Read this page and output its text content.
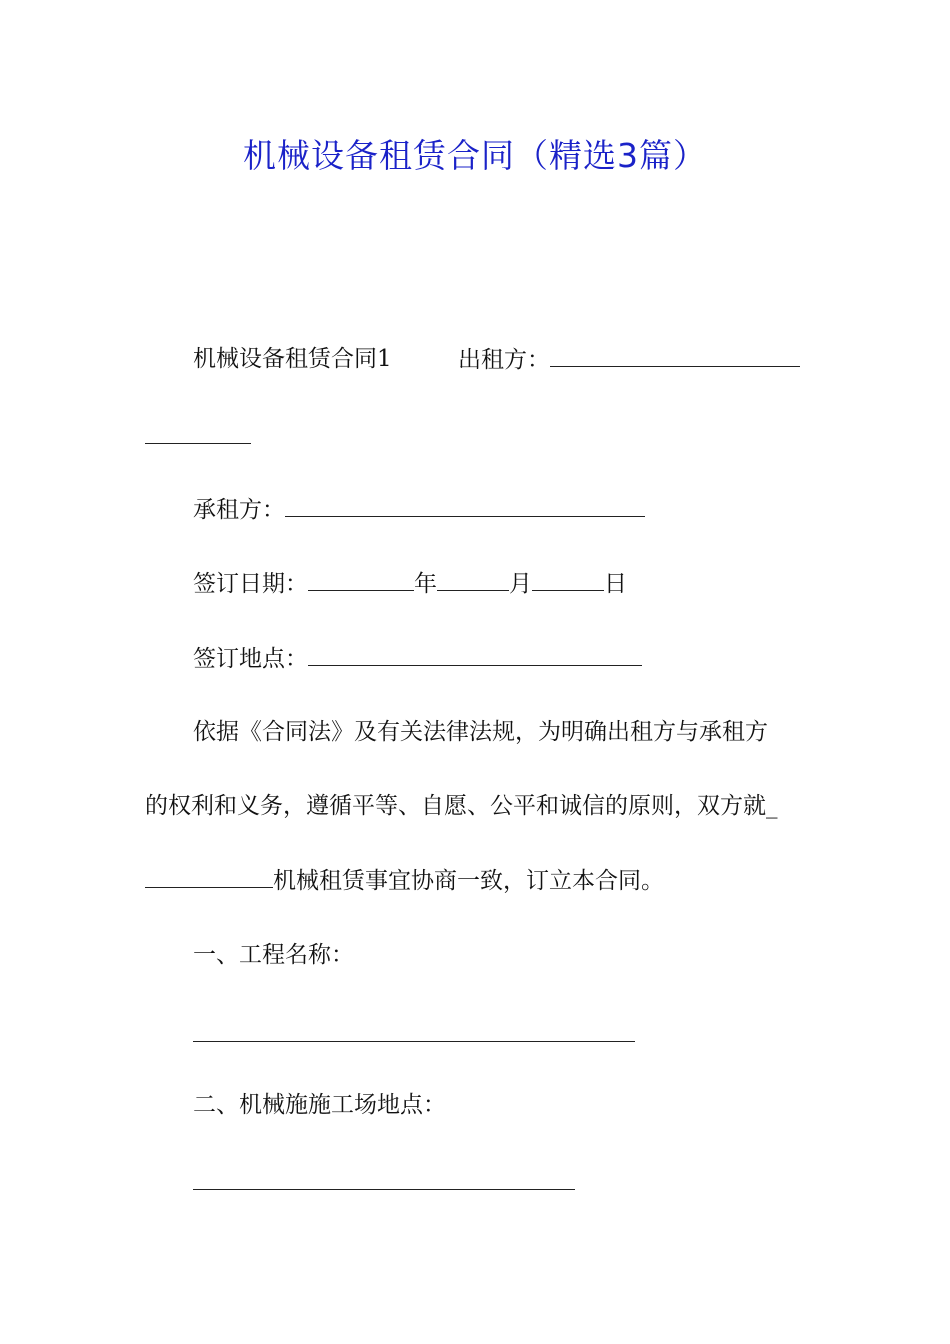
机械设备租赁合同（精选3篇）
机械设备租赁合同1	出租方：
承租方：
签订日期：	年	月	日
签订地点：
依据《合同法》及有关法律法规，为明确出租方与承租方
的权利和义务，遵循平等、自愿、公平和诚信的原则，双方就_
机械租赁事宜协商一致，订立本合同。
一、工程名称：
二、机械施施工场地点：
